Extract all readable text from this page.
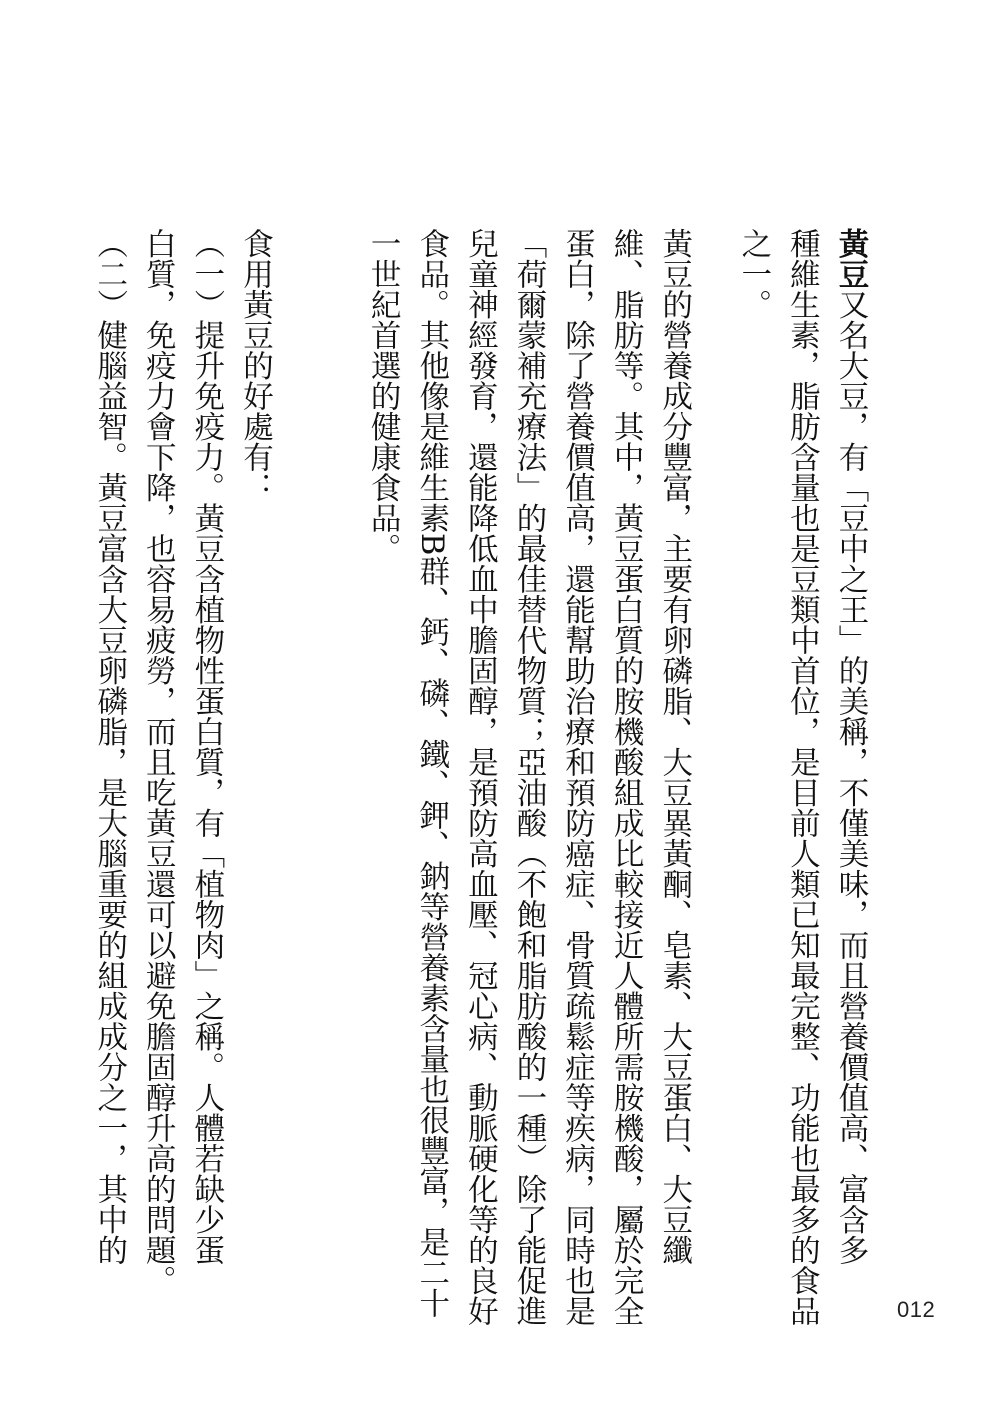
黃豆又名大豆，有「豆中之王」的美稱，不僅美味，而且營養價值高、富含多
種維生素，脂肪含量也是豆類中首位，是目前人類已知最完整、功能也最多的食品
之一。
黃豆的營養成分豐富，主要有卵磷脂、大豆異黃酮、皂素、大豆蛋白、大豆纖
維、脂肪等。其中，黃豆蛋白質的胺機酸組成比較接近人體所需胺機酸，屬於完全
蛋白，除了營養價值高，還能幫助治療和預防癌症、骨質疏鬆症等疾病，同時也是
「荷爾蒙補充療法」的最佳替代物質；亞油酸（不飽和脂肪酸的一種）除了能促進
兒童神經發育，還能降低血中膽固醇，是預防高血壓、冠心病、動脈硬化等的良好
食品。其他像是維生素B群、鈣、磷、鐵、鉀、鈉等營養素含量也很豐富，是二十
一世紀首選的健康食品。

食用黃豆的好處有：
（一）提升免疫力。黃豆含植物性蛋白質，有「植物肉」之稱。人體若缺少蛋
白質，免疫力會下降，也容易疲勞，而且吃黃豆還可以避免膽固醇升高的問題。
（二）健腦益智。黃豆富含大豆卵磷脂，是大腦重要的組成成分之一，其中的
012
